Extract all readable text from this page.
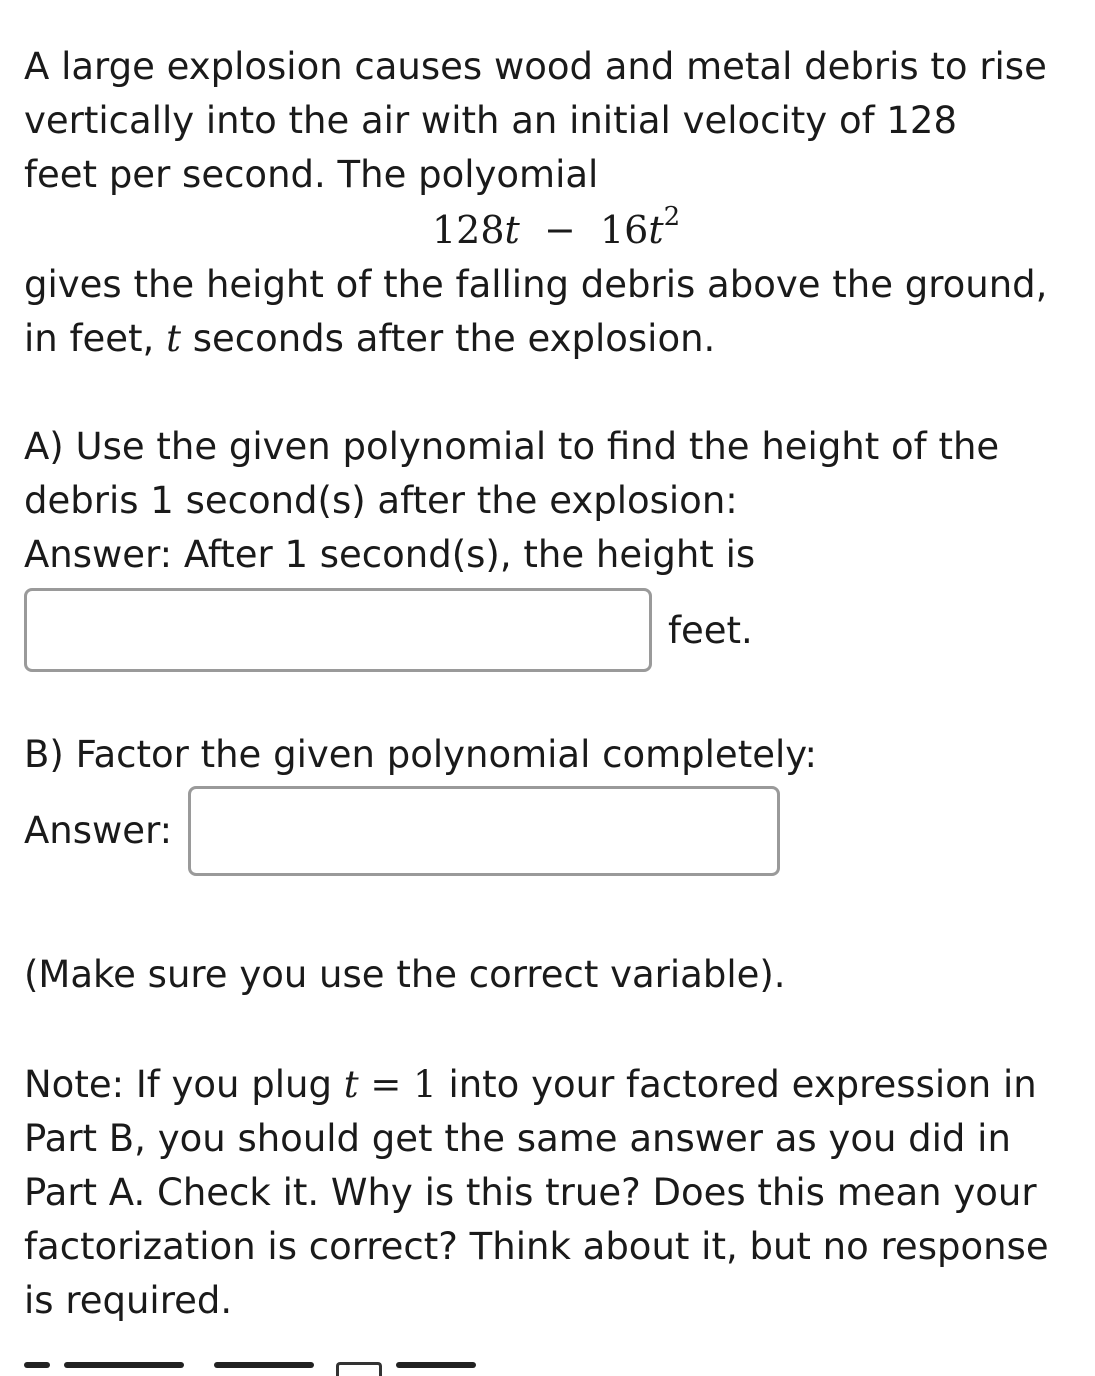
A large explosion causes wood and metal debris to rise
vertically into the air with an initial velocity of 128
feet per second. The polyomial

$128t - 16t^2$

gives the height of the falling debris above the ground,
in feet, t seconds after the explosion.

A) Use the given polynomial to find the height of the
debris 1 second(s) after the explosion:
Answer: After 1 second(s), the height is

feet.

B) Factor the given polynomial completely:

Answer:

(Make sure you use the correct variable).

Note: If you plug t = 1 into your factored expression in
Part B, you should get the same answer as you did in
Part A. Check it. Why is this true? Does this mean your
factorization is correct? Think about it, but no response
is required.
